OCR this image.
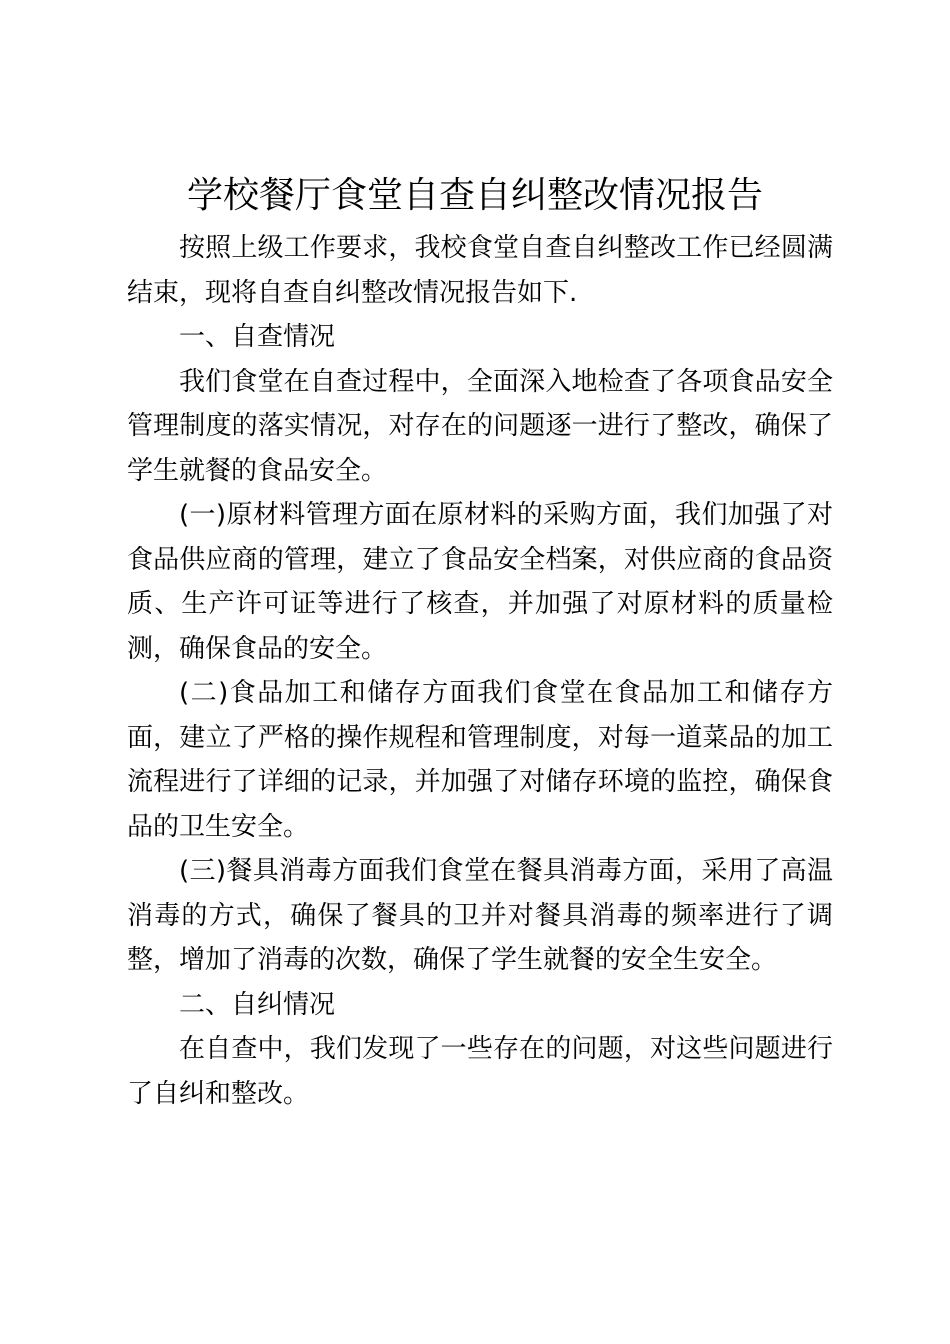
学校餐厅食堂自查自纠整改情况报告

按照上级工作要求，我校食堂自查自纠整改工作已经圆满结束，现将自查自纠整改情况报告如下.

一、自查情况

我们食堂在自查过程中，全面深入地检查了各项食品安全管理制度的落实情况，对存在的问题逐一进行了整改，确保了学生就餐的食品安全。

(一)原材料管理方面在原材料的采购方面，我们加强了对食品供应商的管理，建立了食品安全档案，对供应商的食品资质、生产许可证等进行了核查，并加强了对原材料的质量检测，确保食品的安全。

(二)食品加工和储存方面我们食堂在食品加工和储存方面，建立了严格的操作规程和管理制度，对每一道菜品的加工流程进行了详细的记录，并加强了对储存环境的监控，确保食品的卫生安全。

(三)餐具消毒方面我们食堂在餐具消毒方面，采用了高温消毒的方式，确保了餐具的卫并对餐具消毒的频率进行了调整，增加了消毒的次数，确保了学生就餐的安全生安全。

二、自纠情况

在自查中，我们发现了一些存在的问题，对这些问题进行了自纠和整改。
